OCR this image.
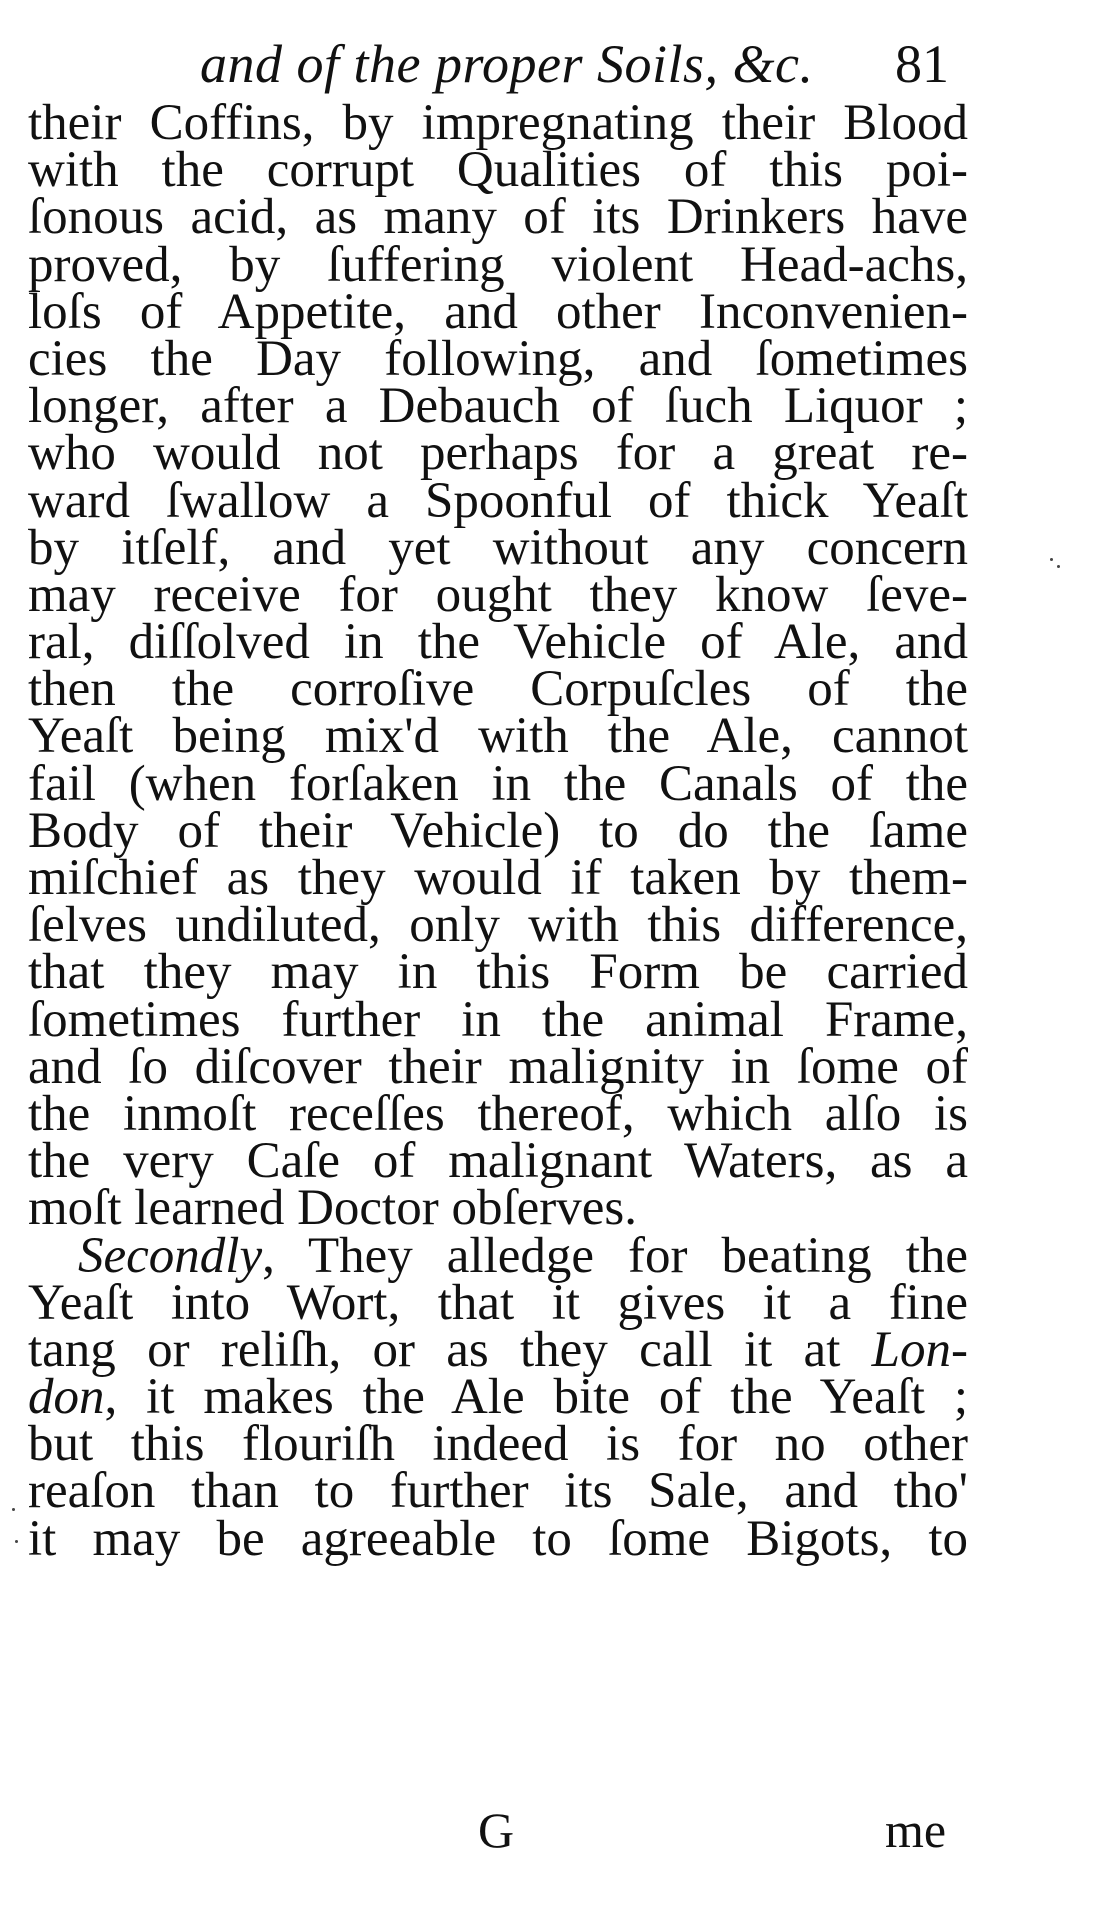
and of the proper Soils, &c. 81
their Coffins, by impregnating their Blood
with the corrupt Qualities of this poi-
ſonous acid, as many of its Drinkers have
proved, by ſuffering violent Head-achs,
loſs of Appetite, and other Inconvenien-
cies the Day following, and ſometimes
longer, after a Debauch of ſuch Liquor ;
who would not perhaps for a great re-
ward ſwallow a Spoonful of thick Yeaſt
by itſelf, and yet without any concern
may receive for ought they know ſeve-
ral, diſſolved in the Vehicle of Ale, and
then the corroſive Corpuſcles of the
Yeaſt being mix'd with the Ale, cannot
fail (when forſaken in the Canals of the
Body of their Vehicle) to do the ſame
miſchief as they would if taken by them-
ſelves undiluted, only with this difference,
that they may in this Form be carried
ſometimes further in the animal Frame,
and ſo diſcover their malignity in ſome of
the inmoſt receſſes thereof, which alſo is
the very Caſe of malignant Waters, as a
moſt learned Doctor obſerves.
Secondly, They alledge for beating the
Yeaſt into Wort, that it gives it a fine
tang or reliſh, or as they call it at Lon-
don, it makes the Ale bite of the Yeaſt ;
but this flouriſh indeed is for no other
reaſon than to further its Sale, and tho'
it may be agreeable to ſome Bigots, to
G	me
